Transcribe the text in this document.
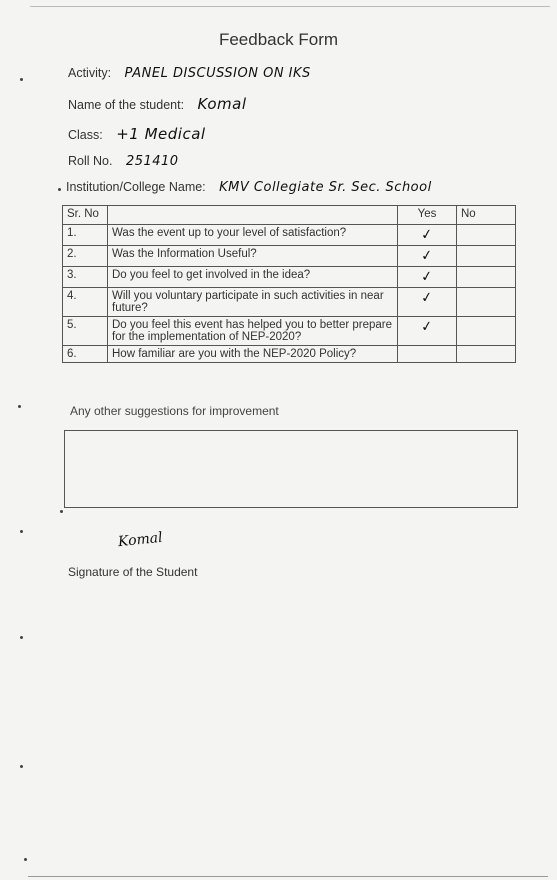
Feedback Form
Activity: PANEL DISCUSSION ON IKS
Name of the student: Komal
Class: +1 Medical
Roll No. 251410
Institution/College Name: KMV Collegiate Sr. Sec. School
Sr. No		Yes	No
1.	Was the event up to your level of satisfaction?	✓	
2.	Was the Information Useful?	✓	
3.	Do you feel to get involved in the idea?	✓	
4.	Will you voluntary participate in such activities in near future?	✓	
5.	Do you feel this event has helped you to better prepare for the implementation of NEP-2020?	✓	
6.	How familiar are you with the NEP-2020 Policy?		
Any other suggestions for improvement
Komal
Signature of the Student
